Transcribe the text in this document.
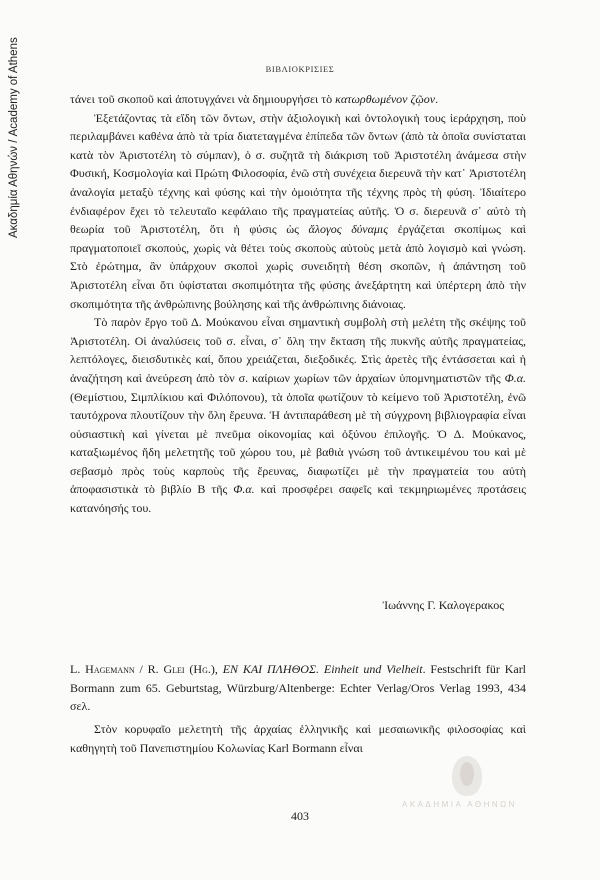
Ακαδημία Αθηνών / Academy of Athens	ΒΙΒΛΙΟΚΡΙΣΙΕΣ

τάνει τοῦ σκοποῦ καὶ ἀποτυγχάνει νὰ δημιουργήσει τὸ κατωρθωμένον ζῷον.

Ἐξετάζοντας τὰ εἴδη τῶν ὄντων, στὴν ἀξιολογικὴ καὶ ὀντολογικὴ τους ἱεράρχηση, ποὺ περιλαμβάνει καθένα ἀπὸ τὰ τρία διατεταγμένα ἐπίπεδα τῶν ὄντων (ἀπὸ τὰ ὁποῖα συνίσταται κατὰ τὸν Ἀριστοτέλη τὸ σύμπαν), ὁ σ. συζητᾶ τὴ διάκριση τοῦ Ἀριστοτέλη ἀνάμεσα στὴν Φυσική, Κοσμολογία καὶ Πρώτη Φιλοσοφία, ἐνῶ στὴ συνέχεια διερευνᾶ τὴν κατ᾽ Ἀριστοτέλη ἀναλογία μεταξὺ τέχνης καὶ φύσης καὶ τὴν ὁμοιότητα τῆς τέχνης πρὸς τὴ φύση. Ἰδιαίτερο ἐνδιαφέρον ἔχει τὸ τελευταῖο κεφάλαιο τῆς πραγματείας αὐτῆς. Ὁ σ. διερευνᾶ σ᾽ αὐτὸ τὴ θεωρία τοῦ Ἀριστοτέλη, ὅτι ἡ φύσις ὡς ἄλογος δύναμις ἐργάζεται σκοπίμως καὶ πραγματοποιεῖ σκοπούς, χωρὶς νὰ θέτει τοὺς σκοποὺς αὐτοὺς μετὰ ἀπὸ λογισμὸ καὶ γνώση. Στὸ ἐρώτημα, ἂν ὑπάρχουν σκοποὶ χωρὶς συνειδητὴ θέση σκοπῶν, ἡ ἀπάντηση τοῦ Ἀριστοτέλη εἶναι ὅτι ὑφίσταται σκοπιμότητα τῆς φύσης ἀνεξάρτητη καὶ ὑπέρτερη ἀπὸ τὴν σκοπιμότητα τῆς ἀνθρώπινης βούλησης καὶ τῆς ἀνθρώπινης διάνοιας.

Τὸ παρὸν ἔργο τοῦ Δ. Μούκανου εἶναι σημαντικὴ συμβολὴ στὴ μελέτη τῆς σκέψης τοῦ Ἀριστοτέλη. Οἱ ἀναλύσεις τοῦ σ. εἶναι, σ᾽ ὅλη την ἔκταση τῆς πυκνῆς αὐτῆς πραγματείας, λεπτόλογες, διεισδυτικὲς καί, ὅπου χρειάζεται, διεξοδικές. Στὶς ἀρετὲς τῆς ἐντάσσεται καὶ ἡ ἀναζήτηση καὶ ἀνεύρεση ἀπὸ τὸν σ. καίριων χωρίων τῶν ἀρχαίων ὑπομνηματιστῶν τῆς Φ.α. (Θεμίστιου, Σιμπλίκιου καὶ Φιλόπονου), τὰ ὁποῖα φωτίζουν τὸ κείμενο τοῦ Ἀριστοτέλη, ἐνῶ ταυτόχρονα πλουτίζουν τὴν ὅλη ἔρευνα. Ἡ ἀντιπαράθεση μὲ τὴ σύγχρονη βιβλιογραφία εἶναι οὐσιαστικὴ καὶ γίνεται μὲ πνεῦμα οἰκονομίας καὶ ὀξύνου ἐπιλογῆς. Ὁ Δ. Μούκανος, καταξιωμένος ἤδη μελετητῆς τοῦ χώρου του, μὲ βαθιὰ γνώση τοῦ ἀντικειμένου του καὶ μὲ σεβασμὸ πρὸς τοὺς καρποὺς τῆς ἔρευνας, διαφωτίζει μὲ τὴν πραγματεία του αὐτὴ ἀποφασιστικὰ τὸ βιβλίο B τῆς Φ.α. καὶ προσφέρει σαφεῖς καὶ τεκμηριωμένες προτάσεις κατανόησής του.

Ἰωάννης Γ. Καλογερακος
L. Hagemann / R. Glei (Hg.), ΕΝ ΚΑΙ ΠΛΗΘΟΣ. Einheit und Vielheit. Festschrift für Karl Bormann zum 65. Geburtstag, Würzburg/Altenberge: Echter Verlag/Oros Verlag 1993, 434 σελ.

Στὸν κορυφαῖο μελετητὴ τῆς ἀρχαίας ἑλληνικῆς καὶ μεσαιωνικῆς φιλοσοφίας καὶ καθηγητὴ τοῦ Πανεπιστημίου Κολωνίας Karl Bormann εἶναι

403
ΑΚΑΔΗΜΙΑ ΑΘΗΝΩΝ
